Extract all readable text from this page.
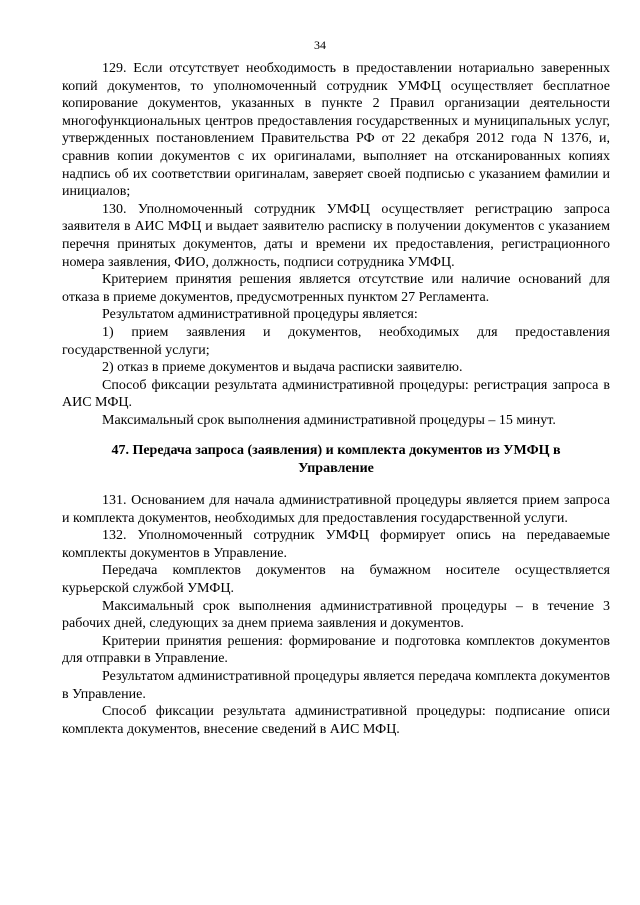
34

129. Если отсутствует необходимость в предоставлении нотариально заверенных копий документов, то уполномоченный сотрудник УМФЦ осуществляет бесплатное копирование документов, указанных в пункте 2 Правил организации деятельности многофункциональных центров предоставления государственных и муниципальных услуг, утвержденных постановлением Правительства РФ от 22 декабря 2012 года N 1376, и, сравнив копии документов с их оригиналами, выполняет на отсканированных копиях надпись об их соответствии оригиналам, заверяет своей подписью с указанием фамилии и инициалов;

130. Уполномоченный сотрудник УМФЦ осуществляет регистрацию запроса заявителя в АИС МФЦ и выдает заявителю расписку в получении документов с указанием перечня принятых документов, даты и времени их предоставления, регистрационного номера заявления, ФИО, должность, подписи сотрудника УМФЦ.

Критерием принятия решения является отсутствие или наличие оснований для отказа в приеме документов, предусмотренных пунктом 27 Регламента.

Результатом административной процедуры является:

1) прием заявления и документов, необходимых для предоставления государственной услуги;

2) отказ в приеме документов и выдача расписки заявителю.

Способ фиксации результата административной процедуры: регистрация запроса в АИС МФЦ.

Максимальный срок выполнения административной процедуры – 15 минут.

47. Передача запроса (заявления) и комплекта документов из УМФЦ в
Управление

131. Основанием для начала административной процедуры является прием запроса и комплекта документов, необходимых для предоставления государственной услуги.

132. Уполномоченный сотрудник УМФЦ формирует опись на передаваемые комплекты документов в Управление.

Передача комплектов документов на бумажном носителе осуществляется курьерской службой УМФЦ.

Максимальный срок выполнения административной процедуры – в течение 3 рабочих дней, следующих за днем приема заявления и документов.

Критерии принятия решения: формирование и подготовка комплектов документов для отправки в Управление.

Результатом административной процедуры является передача комплекта документов в Управление.

Способ фиксации результата административной процедуры: подписание описи комплекта документов, внесение сведений в АИС МФЦ.
